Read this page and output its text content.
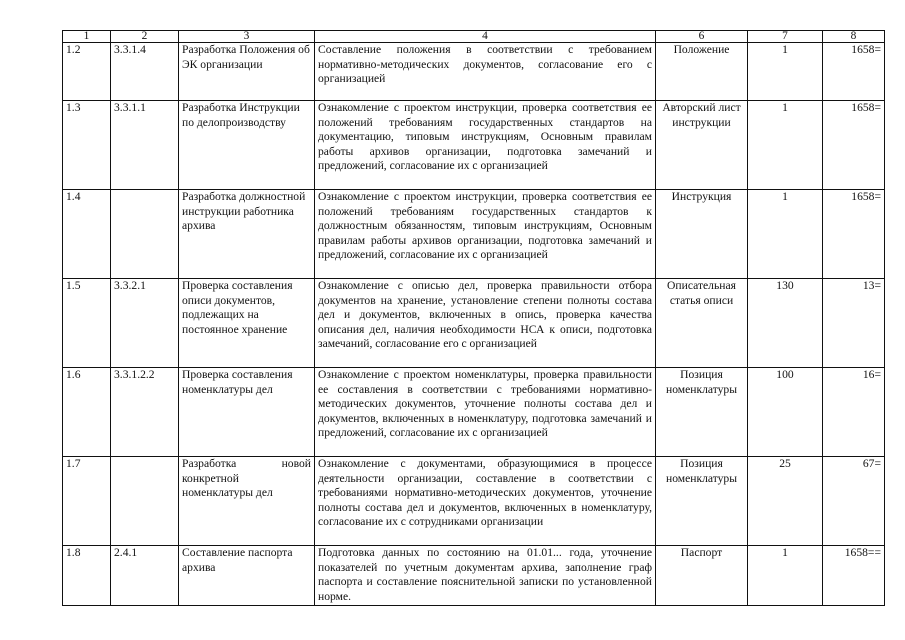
1	2	3	4	6	7	8
1.2	3.3.1.4	Разработка Положения об ЭК организации	Составление положения в соответствии с требованием нормативно-методических документов, согласование его с организацией	Положение	1	1658=
1.3	3.3.1.1	Разработка Инструкции по делопроизводству	Ознакомление с проектом инструкции, проверка соответствия ее положений требованиям государственных стандартов на документацию, типовым инструкциям, Основным правилам работы архивов организации, подготовка замечаний и предложений, согласование их с организацией	Авторский лист инструкции	1	1658=
1.4		Разработка должностной инструкции работника архива	Ознакомление с проектом инструкции, проверка соответствия ее положений требованиям государственных стандартов к должностным обязанностям, типовым инструкциям, Основным правилам работы архивов организации, подготовка замечаний и предложений, согласование их с организацией	Инструкция	1	1658=
1.5	3.3.2.1	Проверка составления описи документов, подлежащих на постоянное хранение	Ознакомление с описью дел, проверка правильности отбора документов на хранение, установление степени полноты состава дел и документов, включенных в опись, проверка качества описания дел, наличия необходимости НСА к описи, подготовка замечаний, согласование его с организацией	Описательная статья описи	130	13=
1.6	3.3.1.2.2	Проверка составления номенклатуры дел	Ознакомление с проектом номенклатуры, проверка правильности ее составления в соответствии с требованиями нормативно-методических документов, уточнение полноты состава дел и документов, включенных в номенклатуру, подготовка замечаний и предложений, согласование их с организацией	Позиция номенклатуры	100	16=
1.7		Разработка новой конкретной номенклатуры дел	Ознакомление с документами, образующимися в процессе деятельности организации, составление в соответствии с требованиями нормативно-методических документов, уточнение полноты состава дел и документов, включенных в номенклатуру, согласование их с сотрудниками организации	Позиция номенклатуры	25	67=
1.8	2.4.1	Составление паспорта архива	Подготовка данных по состоянию на 01.01... года, уточнение показателей по учетным документам архива, заполнение граф паспорта и составление пояснительной записки по установленной норме.	Паспорт	1	1658==
